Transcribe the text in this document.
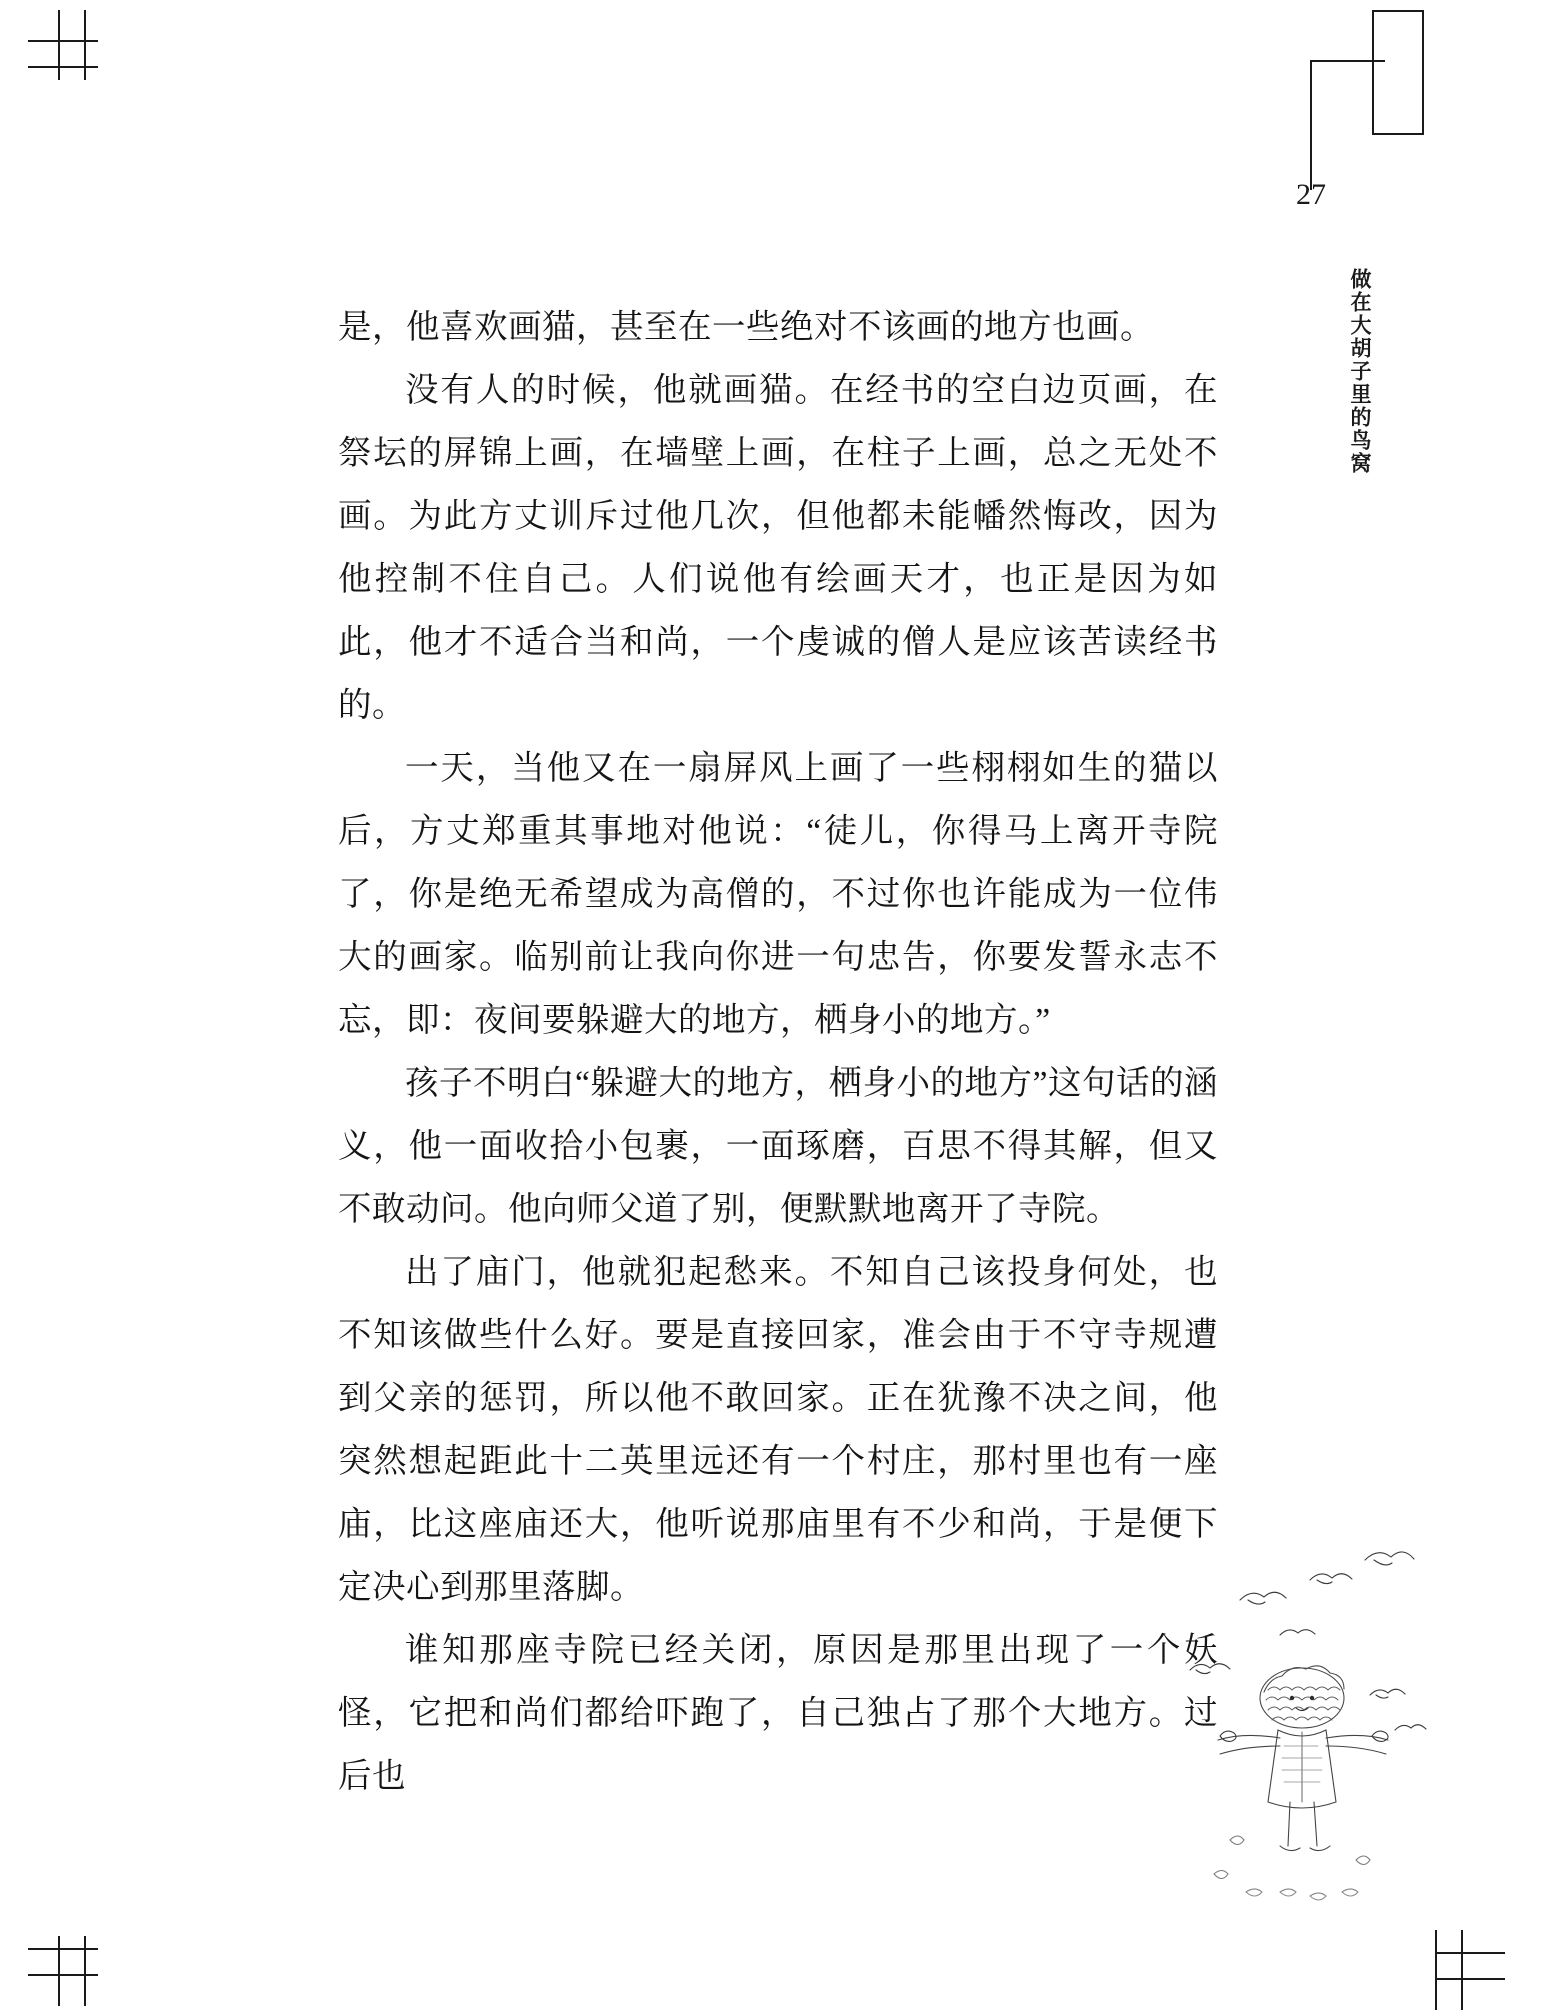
27
做在大胡子里的鸟窝

是，他喜欢画猫，甚至在一些绝对不该画的地方也画。

没有人的时候，他就画猫。在经书的空白边页画，在祭坛的屏锦上画，在墙壁上画，在柱子上画，总之无处不画。为此方丈训斥过他几次，但他都未能幡然悔改，因为他控制不住自己。人们说他有绘画天才，也正是因为如此，他才不适合当和尚，一个虔诚的僧人是应该苦读经书的。

一天，当他又在一扇屏风上画了一些栩栩如生的猫以后，方丈郑重其事地对他说：“徒儿，你得马上离开寺院了，你是绝无希望成为高僧的，不过你也许能成为一位伟大的画家。临别前让我向你进一句忠告，你要发誓永志不忘，即：夜间要躲避大的地方，栖身小的地方。”

孩子不明白“躲避大的地方，栖身小的地方”这句话的涵义，他一面收拾小包裹，一面琢磨，百思不得其解，但又不敢动问。他向师父道了别，便默默地离开了寺院。

出了庙门，他就犯起愁来。不知自己该投身何处，也不知该做些什么好。要是直接回家，准会由于不守寺规遭到父亲的惩罚，所以他不敢回家。正在犹豫不决之间，他突然想起距此十二英里远还有一个村庄，那村里也有一座庙，比这座庙还大，他听说那庙里有不少和尚，于是便下定决心到那里落脚。

谁知那座寺院已经关闭，原因是那里出现了一个妖怪，它把和尚们都给吓跑了，自己独占了那个大地方。过后也
